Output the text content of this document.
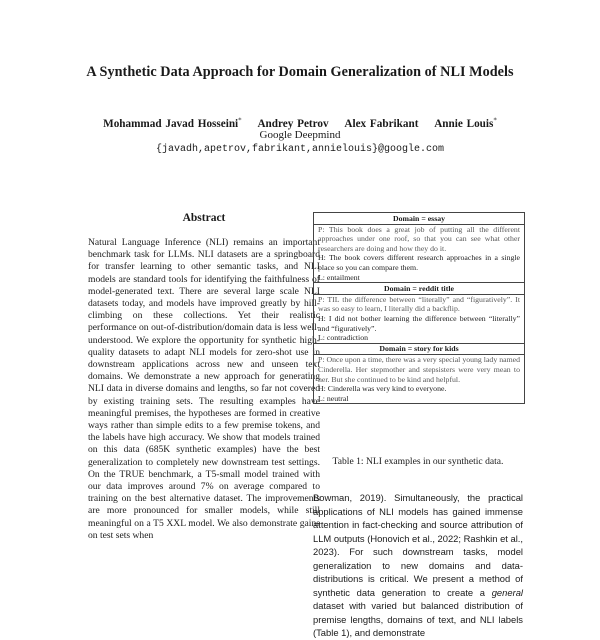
A Synthetic Data Approach for Domain Generalization of NLI Models
Mohammad Javad Hosseini* Andrey Petrov Alex Fabrikant Annie Louis*
Google Deepmind
{javadh,apetrov,fabrikant,annielouis}@google.com
Abstract
Natural Language Inference (NLI) remains an important benchmark task for LLMs. NLI datasets are a springboard for transfer learning to other semantic tasks, and NLI models are standard tools for identifying the faithfulness of model-generated text. There are several large scale NLI datasets today, and models have improved greatly by hill-climbing on these collections. Yet their realistic performance on out-of-distribution/domain data is less well-understood. We explore the opportunity for synthetic high-quality datasets to adapt NLI models for zero-shot use in downstream applications across new and unseen text domains. We demonstrate a new approach for generating NLI data in diverse domains and lengths, so far not covered by existing training sets. The resulting examples have meaningful premises, the hypotheses are formed in creative ways rather than simple edits to a few premise tokens, and the labels have high accuracy. We show that models trained on this data (685K synthetic examples) have the best generalization to completely new downstream test settings. On the TRUE benchmark, a T5-small model trained with our data improves around 7% on average compared to training on the best alternative dataset. The improvements are more pronounced for smaller models, while still meaningful on a T5 XXL model. We also demonstrate gains on test sets when
Domain = essay
P: This book does a great job of putting all the different approaches under one roof, so that you can see what other researchers are doing and how they do it.
H: The book covers different research approaches in a single place so you can compare them.
L: entailment
Domain = reddit title
P: TIL the difference between “literally” and “figuratively”. It was so easy to learn, I literally did a backflip.
H: I did not bother learning the difference between “literally” and “figuratively”.
L: contradiction
Domain = story for kids
P: Once upon a time, there was a very special young lady named Cinderella. Her stepmother and stepsisters were very mean to her. But she continued to be kind and helpful.
H: Cinderella was very kind to everyone.
L: neutral
Table 1: NLI examples in our synthetic data.
Bowman, 2019). Simultaneously, the practical applications of NLI models has gained immense attention in fact-checking and source attribution of LLM outputs (Honovich et al., 2022; Rashkin et al., 2023). For such downstream tasks, model generalization to new domains and data-distributions is critical. We present a method of synthetic data generation to create a general dataset with varied but balanced distribution of premise lengths, domains of text, and NLI labels (Table 1), and demonstrate
